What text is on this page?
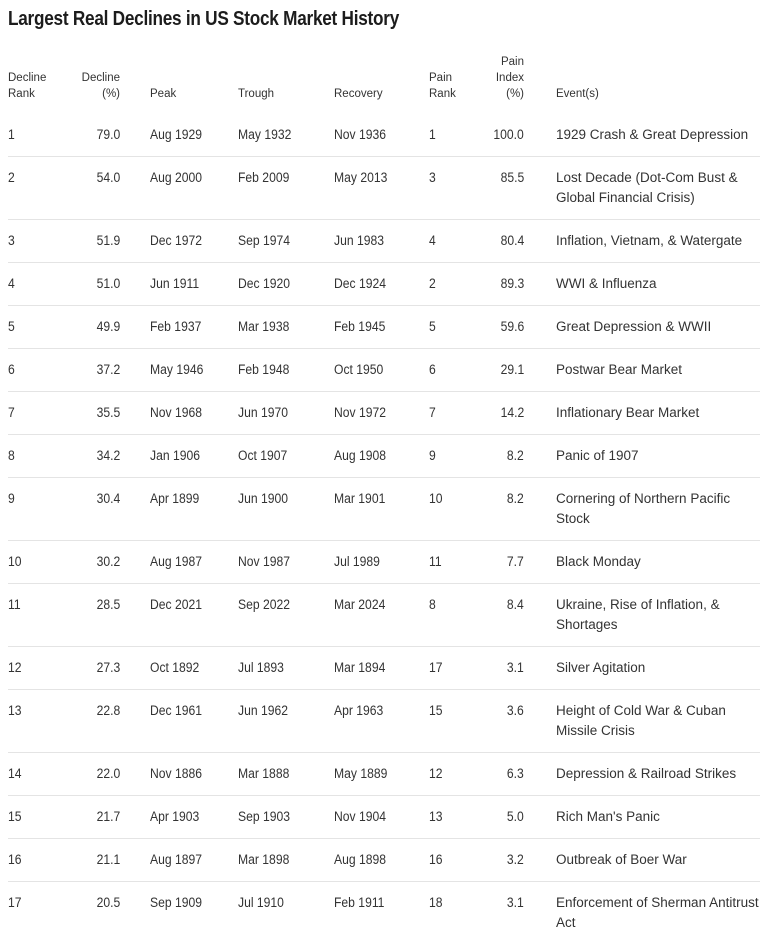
Largest Real Declines in US Stock Market History
Decline Rank	Decline (%)		Peak	Trough	Recovery	Pain Rank	Pain Index (%)		Event(s)
1	79.0		Aug 1929	May 1932	Nov 1936	1	100.0		1929 Crash & Great Depression
2	54.0		Aug 2000	Feb 2009	May 2013	3	85.5		Lost Decade (Dot-Com Bust & Global Financial Crisis)
3	51.9		Dec 1972	Sep 1974	Jun 1983	4	80.4		Inflation, Vietnam, & Watergate
4	51.0		Jun 1911	Dec 1920	Dec 1924	2	89.3		WWI & Influenza
5	49.9		Feb 1937	Mar 1938	Feb 1945	5	59.6		Great Depression & WWII
6	37.2		May 1946	Feb 1948	Oct 1950	6	29.1		Postwar Bear Market
7	35.5		Nov 1968	Jun 1970	Nov 1972	7	14.2		Inflationary Bear Market
8	34.2		Jan 1906	Oct 1907	Aug 1908	9	8.2		Panic of 1907
9	30.4		Apr 1899	Jun 1900	Mar 1901	10	8.2		Cornering of Northern Pacific Stock
10	30.2		Aug 1987	Nov 1987	Jul 1989	11	7.7		Black Monday
11	28.5		Dec 2021	Sep 2022	Mar 2024	8	8.4		Ukraine, Rise of Inflation, & Shortages
12	27.3		Oct 1892	Jul 1893	Mar 1894	17	3.1		Silver Agitation
13	22.8		Dec 1961	Jun 1962	Apr 1963	15	3.6		Height of Cold War & Cuban Missile Crisis
14	22.0		Nov 1886	Mar 1888	May 1889	12	6.3		Depression & Railroad Strikes
15	21.7		Apr 1903	Sep 1903	Nov 1904	13	5.0		Rich Man's Panic
16	21.1		Aug 1897	Mar 1898	Aug 1898	16	3.2		Outbreak of Boer War
17	20.5		Sep 1909	Jul 1910	Feb 1911	18	3.1		Enforcement of Sherman Antitrust Act
